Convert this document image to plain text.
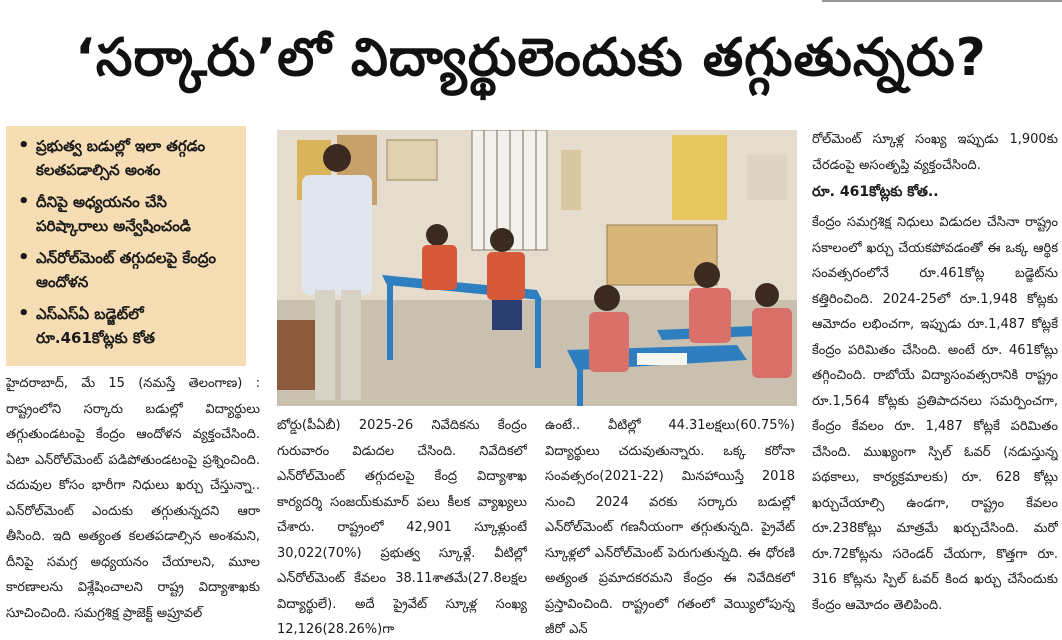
‘సర్కారు’లో విద్యార్థులెందుకు తగ్గుతున్నరు?
• ప్రభుత్వ బడుల్లో ఇలా తగ్గడం కలతపడాల్సిన అంశం
• దీనిపై అధ్యయనం చేసి పరిష్కారాలు అన్వేషించండి
• ఎన్‌రోల్‌మెంట్‌ తగ్గుదలపై కేంద్రం ఆందోళన
• ఎస్‌ఎస్‌ఏ బడ్జెట్‌లో రూ.461కోట్లకు కోత

హైదరాబాద్‌, మే 15 (నమస్తే తెలంగాణ) : రాష్ట్రంలోని సర్కారు బడుల్లో విద్యార్థులు తగ్గుతుండటంపై కేంద్రం ఆందోళన వ్యక్తంచేసింది. ఏటా ఎన్‌రోల్‌మెంట్‌ పడిపోతుండటంపై ప్రశ్నించింది. చదువుల కోసం భారీగా నిధులు ఖర్చు చేస్తున్నా.. ఎన్‌రోల్‌మెంట్‌ ఎందుకు తగ్గుతున్నదని ఆరా తీసింది. ఇది అత్యంత కలతపడాల్సిన అంశమని, దీనిపై సమగ్ర అధ్యయనం చేయాలని, మూల కారణాలను విశ్లేషించాలని రాష్ట్ర విద్యాశాఖకు సూచించింది. సమగ్రశిక్ష ప్రాజెక్ట్‌ అప్రూవల్‌

బోర్డు(పీఏబీ) 2025-26 నివేదికను కేంద్రం గురువారం విడుదల చేసింది. నివేదికలో ఎన్‌రోల్‌మెంట్‌ తగ్గుదలపై కేంద్ర విద్యాశాఖ కార్యదర్శి సంజయ్‌కుమార్‌ పలు కీలక వ్యాఖ్యలు చేశారు. రాష్ట్రంలో 42,901 స్కూళ్లుంటే 30,022(70%) ప్రభుత్వ స్కూళ్లే. వీటిల్లో ఎన్‌రోల్‌మెంట్‌ కేవలం 38.11శాతమే(27.8లక్షల విద్యార్థులే). అదే ప్రైవేట్‌ స్కూళ్ల సంఖ్య 12,126(28.26%)గా

ఉంటే.. వీటిల్లో 44.31లక్షలు(60.75%) విద్యార్థులు చదువుతున్నారు. ఒక్క కరోనా సంవత్సరం(2021-22) మినహాయిస్తే 2018 నుంచి 2024 వరకు సర్కారు బడుల్లో ఎన్‌రోల్‌మెంట్‌ గణనీయంగా తగ్గుతున్నది. ప్రైవేట్‌ స్కూళ్లలో ఎన్‌రోల్‌మెంట్‌ పెరుగుతున్నది. ఈ ధోరణి అత్యంత ప్రమాదకరమని కేంద్రం ఈ నివేదికలో ప్రస్తావించింది. రాష్ట్రంలో గతంలో వెయ్యిలోపున్న జీరో ఎన్‌

రోల్‌మెంట్‌ స్కూళ్ల సంఖ్య ఇప్పుడు 1,900కు చేరడంపై అసంతృప్తి వ్యక్తంచేసింది.

రూ. 461కోట్లకు కోత..

కేంద్రం సమగ్రశిక్ష నిధులు విడుదల చేసినా రాష్ట్రం సకాలంలో ఖర్చు చేయకపోవడంతో ఈ ఒక్క ఆర్థిక సంవత్సరంలోనే రూ.461కోట్ల బడ్జెట్‌ను కత్తిరించింది. 2024-25లో రూ.1,948 కోట్లకు ఆమోదం లభించగా, ఇప్పుడు రూ.1,487 కోట్లకే కేంద్రం పరిమితం చేసింది. అంటే రూ. 461కోట్లు తగ్గించింది. రాబోయే విద్యాసంవత్సరానికి రాష్ట్రం రూ.1,564 కోట్లకు ప్రతిపాదనలు సమర్పించగా, కేంద్రం కేవలం రూ. 1,487 కోట్లకే పరిమితం చేసింది. ముఖ్యంగా స్పిల్‌ ఓవర్‌ (నడుస్తున్న పథకాలు, కార్యక్రమాలకు) రూ. 628 కోట్లు ఖర్చుచేయాల్సి ఉండగా, రాష్ట్రం కేవలం రూ.238కోట్లు మాత్రమే ఖర్చుచేసింది. మరో రూ.72కోట్లను సరెండర్‌ చేయగా, కొత్తగా రూ. 316 కోట్లను స్పిల్‌ ఓవర్‌ కింద ఖర్చు చేసేందుకు కేంద్రం ఆమోదం తెలిపింది.
